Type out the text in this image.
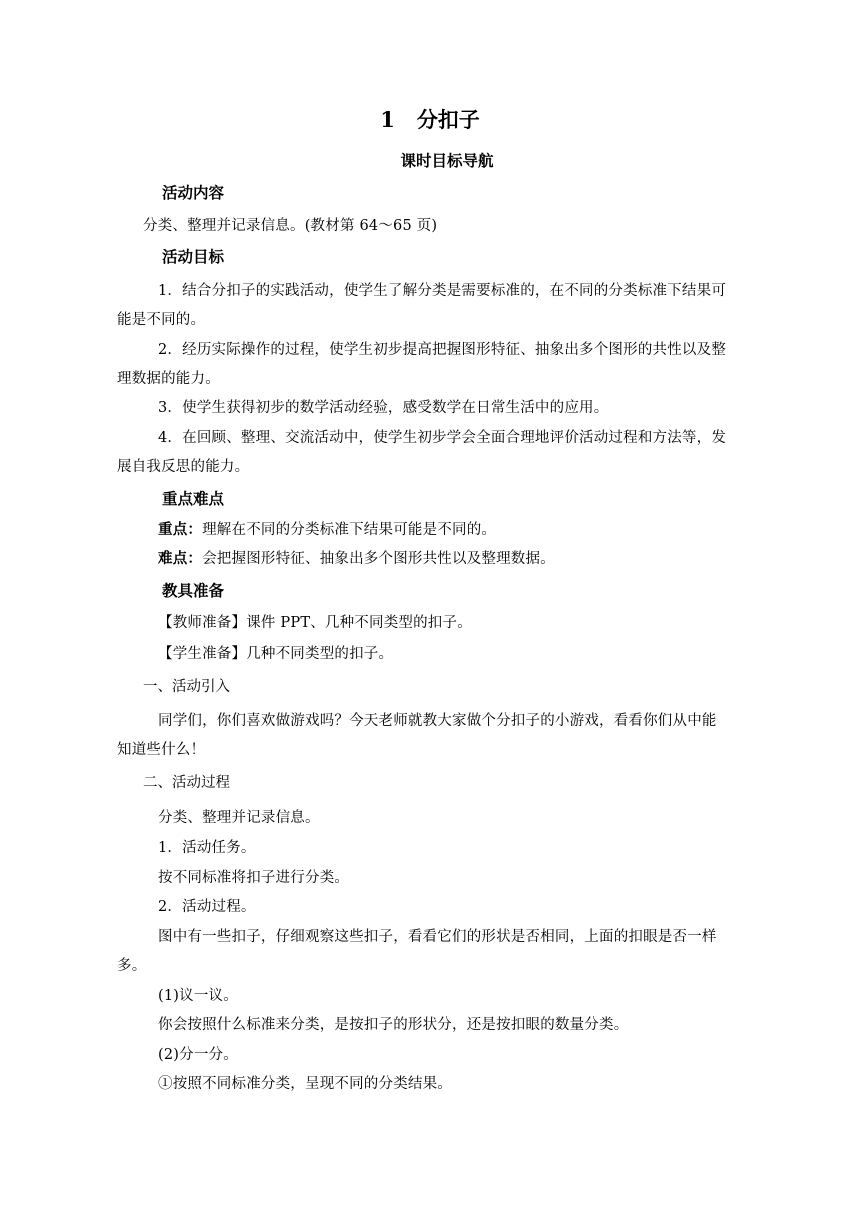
1 分扣子
课时目标导航
活动内容
分类、整理并记录信息。(教材第 64～65 页)
活动目标
1．结合分扣子的实践活动，使学生了解分类是需要标准的，在不同的分类标准下结果可
能是不同的。
2．经历实际操作的过程，使学生初步提高把握图形特征、抽象出多个图形的共性以及整
理数据的能力。
3．使学生获得初步的数学活动经验，感受数学在日常生活中的应用。
4．在回顾、整理、交流活动中，使学生初步学会全面合理地评价活动过程和方法等，发
展自我反思的能力。
重点难点
重点：理解在不同的分类标准下结果可能是不同的。
难点：会把握图形特征、抽象出多个图形共性以及整理数据。
教具准备
【教师准备】课件 PPT、几种不同类型的扣子。
【学生准备】几种不同类型的扣子。
一、活动引入
同学们，你们喜欢做游戏吗？今天老师就教大家做个分扣子的小游戏，看看你们从中能
知道些什么！
二、活动过程
分类、整理并记录信息。
1．活动任务。
按不同标准将扣子进行分类。
2．活动过程。
图中有一些扣子，仔细观察这些扣子，看看它们的形状是否相同，上面的扣眼是否一样
多。
(1)议一议。
你会按照什么标准来分类，是按扣子的形状分，还是按扣眼的数量分类。
(2)分一分。
①按照不同标准分类，呈现不同的分类结果。
